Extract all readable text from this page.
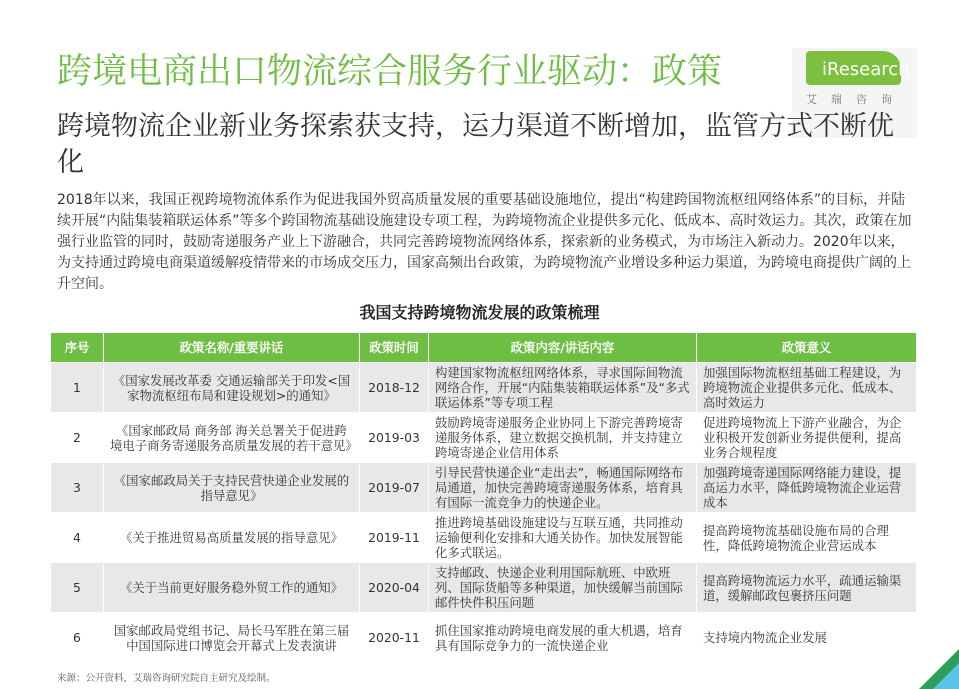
跨境电商出口物流综合服务行业驱动：政策	iResearch
艾瑞咨询
跨境物流企业新业务探索获支持，运力渠道不断增加，监管方式不断优化
2018年以来，我国正视跨境物流体系作为促进我国外贸高质量发展的重要基础设施地位，提出“构建跨国物流枢纽网络体系”的目标，并陆续开展“内陆集装箱联运体系”等多个跨国物流基础设施建设专项工程，为跨境物流企业提供多元化、低成本、高时效运力。其次，政策在加强行业监管的同时，鼓励寄递服务产业上下游融合，共同完善跨境物流网络体系，探索新的业务模式，为市场注入新动力。2020年以来，为支持通过跨境电商渠道缓解疫情带来的市场成交压力，国家高频出台政策，为跨境物流产业增设多种运力渠道，为跨境电商提供广阔的上升空间。
我国支持跨境物流发展的政策梳理
序号	政策名称/重要讲话	政策时间	政策内容/讲话内容	政策意义
1	《国家发展改革委 交通运输部关于印发<国家物流枢纽布局和建设规划>的通知》	2018-12	构建国家物流枢纽网络体系，寻求国际间物流网络合作，开展“内陆集装箱联运体系”及“多式联运体系”等专项工程	加强国际物流枢纽基础工程建设，为跨境物流企业提供多元化、低成本、高时效运力
2	《国家邮政局 商务部 海关总署关于促进跨境电子商务寄递服务高质量发展的若干意见》	2019-03	鼓励跨境寄递服务企业协同上下游完善跨境寄递服务体系，建立数据交换机制，并支持建立跨境寄递企业信用体系	促进跨境物流上下游产业融合，为企业积极开发创新业务提供便利，提高业务合规程度
3	《国家邮政局关于支持民营快递企业发展的指导意见》	2019-07	引导民营快递企业“走出去”，畅通国际网络布局通道，加快完善跨境寄递服务体系，培育具有国际一流竞争力的快递企业。	加强跨境寄递国际网络能力建设，提高运力水平，降低跨境物流企业运营成本
4	《关于推进贸易高质量发展的指导意见》	2019-11	推进跨境基础设施建设与互联互通，共同推动运输便利化安排和大通关协作。加快发展智能化多式联运。	提高跨境物流基础设施布局的合理性，降低跨境物流企业营运成本
5	《关于当前更好服务稳外贸工作的通知》	2020-04	支持邮政、快递企业利用国际航班、中欧班列、国际货船等多种渠道，加快缓解当前国际邮件快件积压问题	提高跨境物流运力水平，疏通运输渠道，缓解邮政包裹挤压问题
6	国家邮政局党组书记、局长马军胜在第三届中国国际进口博览会开幕式上发表演讲	2020-11	抓住国家推动跨境电商发展的重大机遇，培育具有国际竞争力的一流快递企业	支持境内物流企业发展
来源：公开资料，艾瑞咨询研究院自主研究及绘制。
